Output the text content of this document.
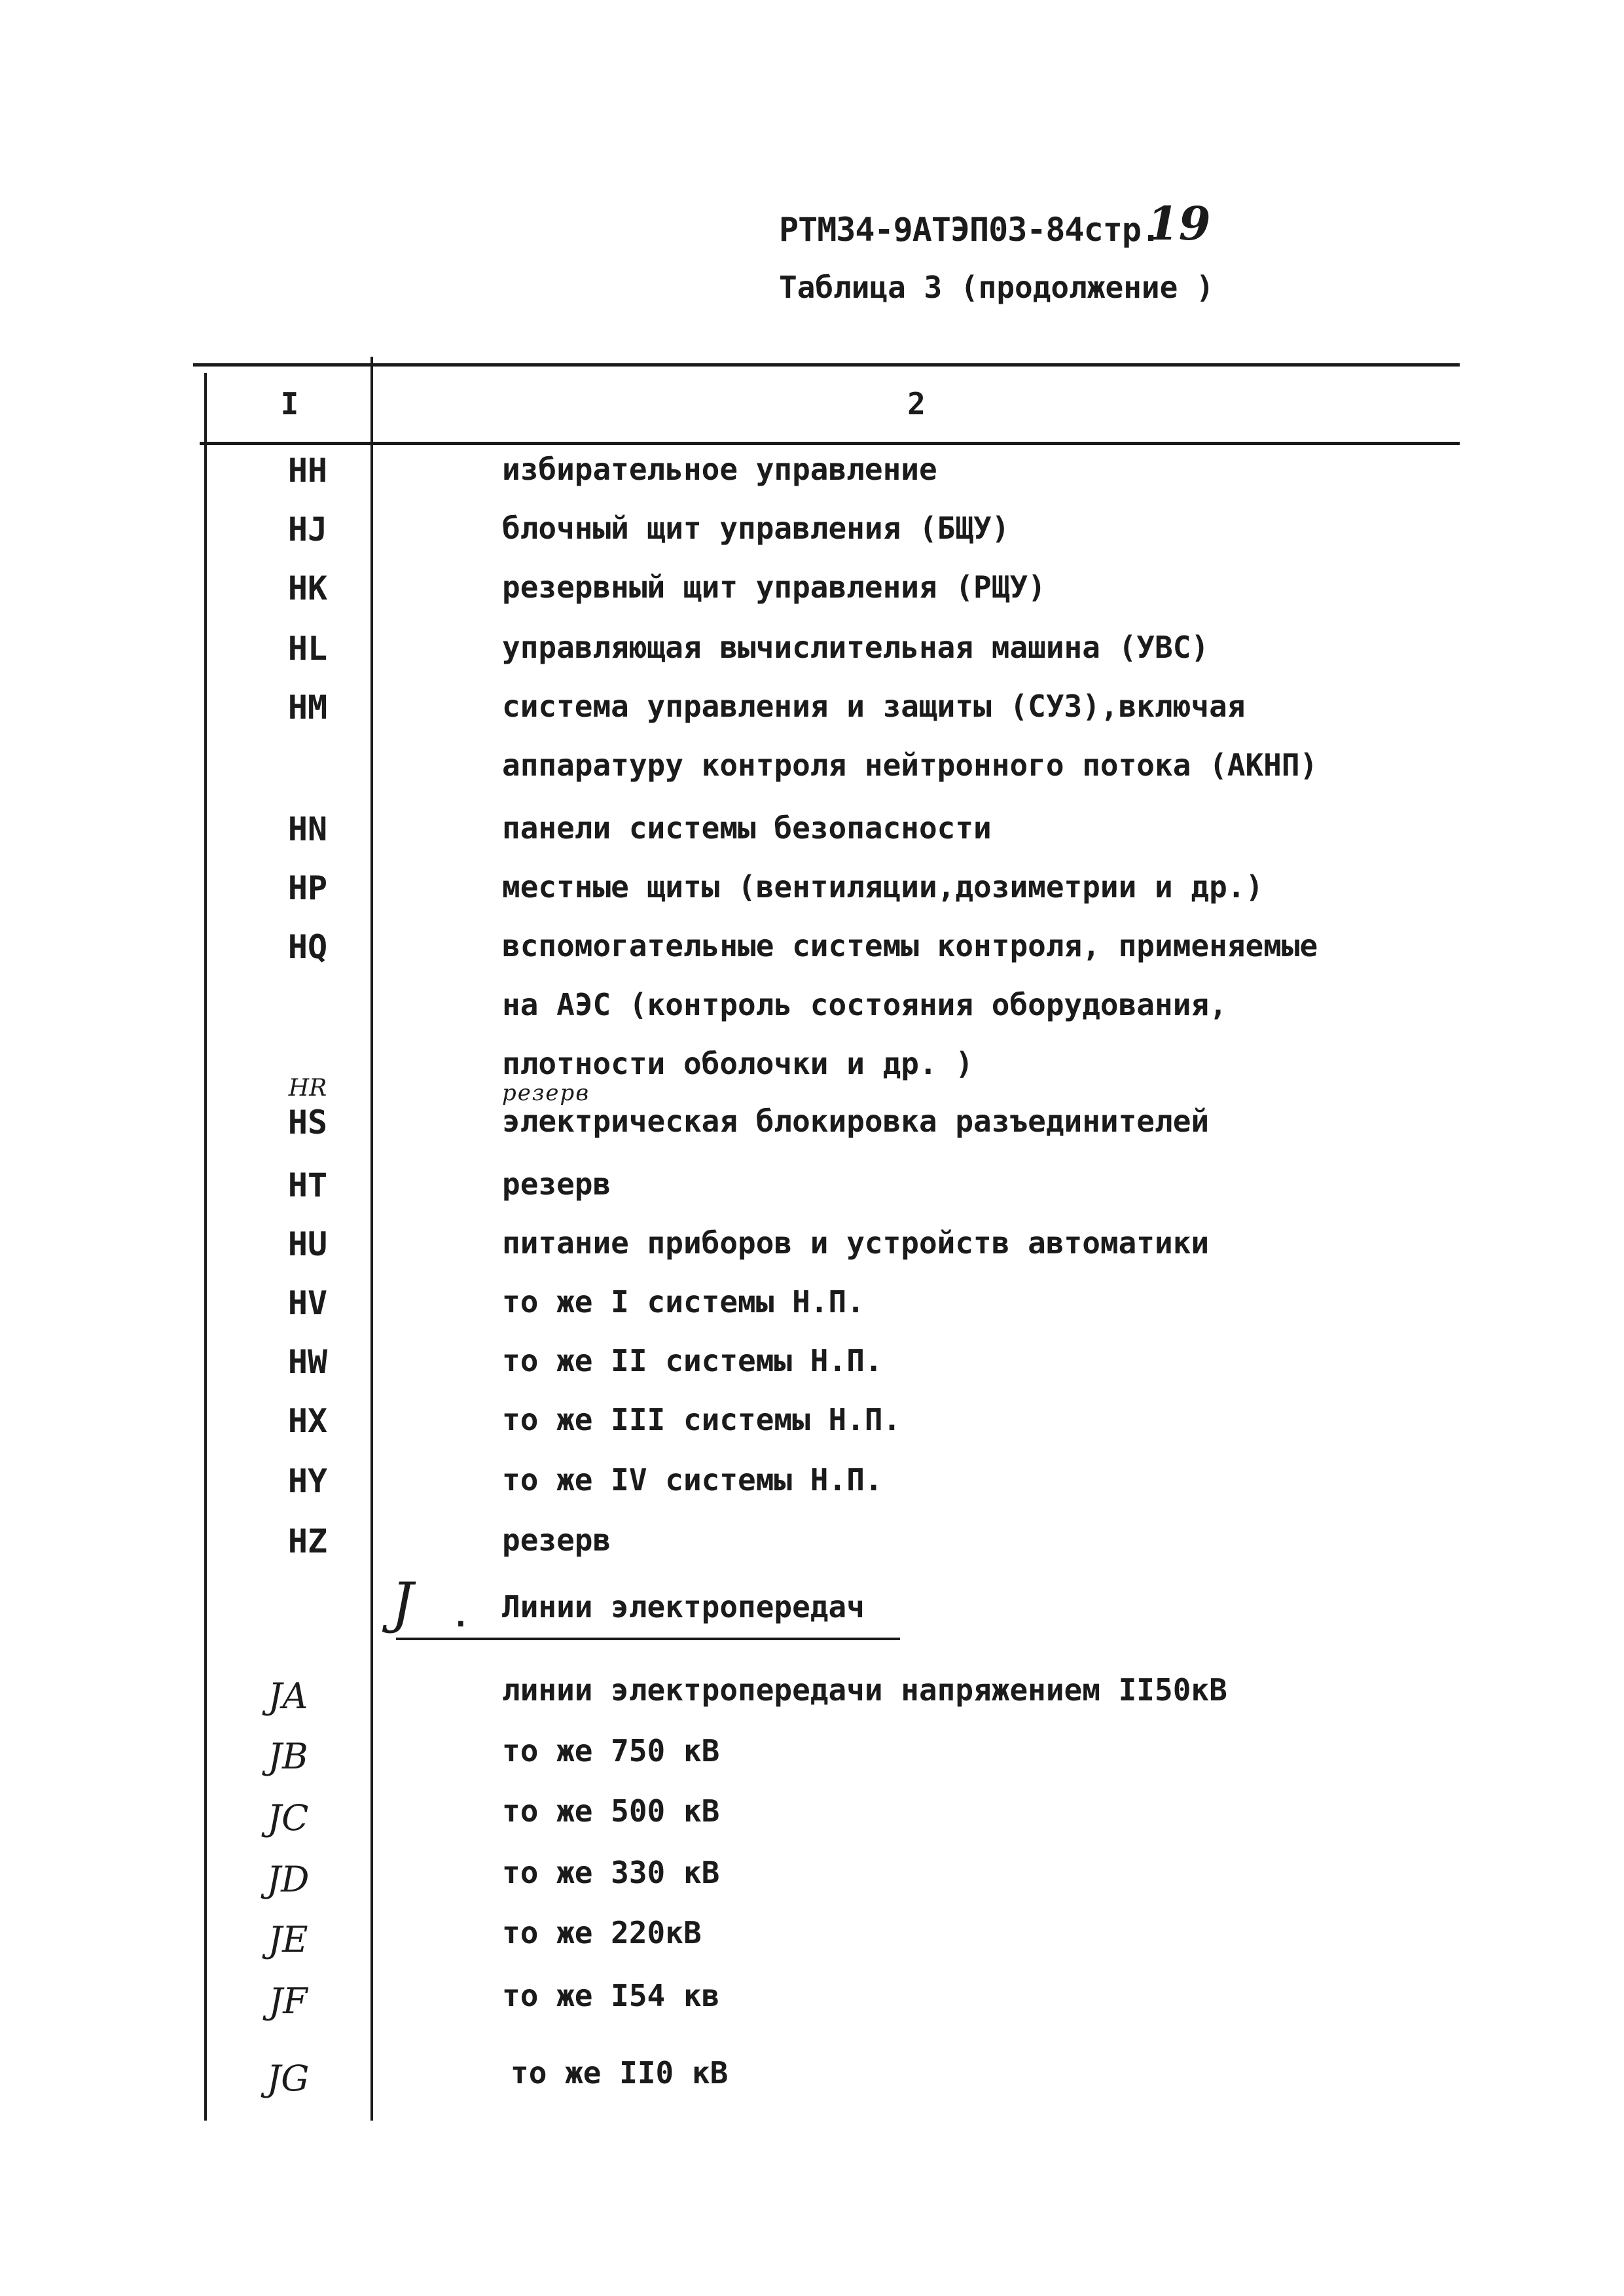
РТМ34-9АТЭП03-84стр.
19
Таблица 3 (продолжение )
I	2
HH	избирательное управление
HJ	блочный щит управления (БЩУ)
HK	резервный щит управления (РЩУ)
HL	управляющая вычислительная машина (УВС)
HM	система управления и защиты (СУЗ),включая
аппаратуру контроля нейтронного потока (АКНП)
HN	панели системы безопасности
HP	местные щиты (вентиляции,дозиметрии и др.)
HQ	вспомогательные системы контроля, применяемые
на АЭС (контроль состояния оборудования,
плотности оболочки и др. )
HR	резерв
HS	электрическая блокировка разъединителей
HT	резерв
HU	питание приборов и устройств автоматики
HV	то же I системы Н.П.
HW	то же II системы Н.П.
HX	то же III системы Н.П.
HY	то же IV системы Н.П.
HZ	резерв
J . Линии электропередач
JA	линии электропередачи напряжением II50кВ
JB	то же 750 кВ
JC	то же 500 кВ
JD	то же 330 кВ
JE	то же 220кВ
JF	то же I54 кв
JG	то же II0 кВ
